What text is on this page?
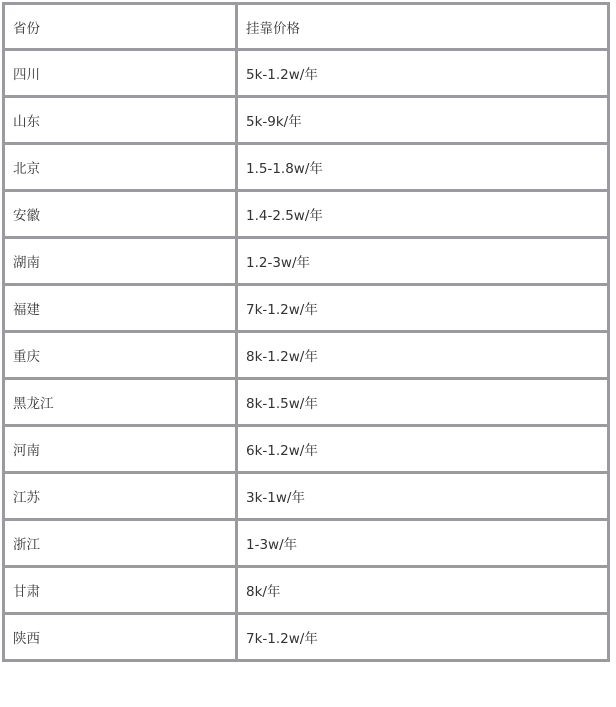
省份	挂靠价格
四川	5k-1.2w/年
山东	5k-9k/年
北京	1.5-1.8w/年
安徽	1.4-2.5w/年
湖南	1.2-3w/年
福建	7k-1.2w/年
重庆	8k-1.2w/年
黑龙江	8k-1.5w/年
河南	6k-1.2w/年
江苏	3k-1w/年
浙江	1-3w/年
甘肃	8k/年
陕西	7k-1.2w/年
